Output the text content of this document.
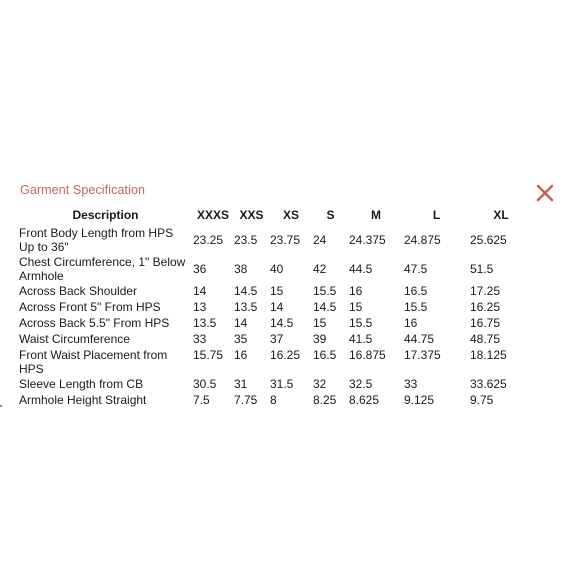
Garment Specification
Description	XXXS	XXS	XS	S	M	L	XL
Front Body Length from HPS Up to 36"	23.25	23.5	23.75	24	24.375	24.875	25.625
Chest Circumference, 1" Below Armhole	36	38	40	42	44.5	47.5	51.5
Across Back Shoulder	14	14.5	15	15.5	16	16.5	17.25
Across Front 5" From HPS	13	13.5	14	14.5	15	15.5	16.25
Across Back 5.5" From HPS	13.5	14	14.5	15	15.5	16	16.75
Waist Circumference	33	35	37	39	41.5	44.75	48.75
Front Waist Placement from HPS	15.75	16	16.25	16.5	16.875	17.375	18.125
Sleeve Length from CB	30.5	31	31.5	32	32.5	33	33.625
Armhole Height Straight	7.5	7.75	8	8.25	8.625	9.125	9.75
